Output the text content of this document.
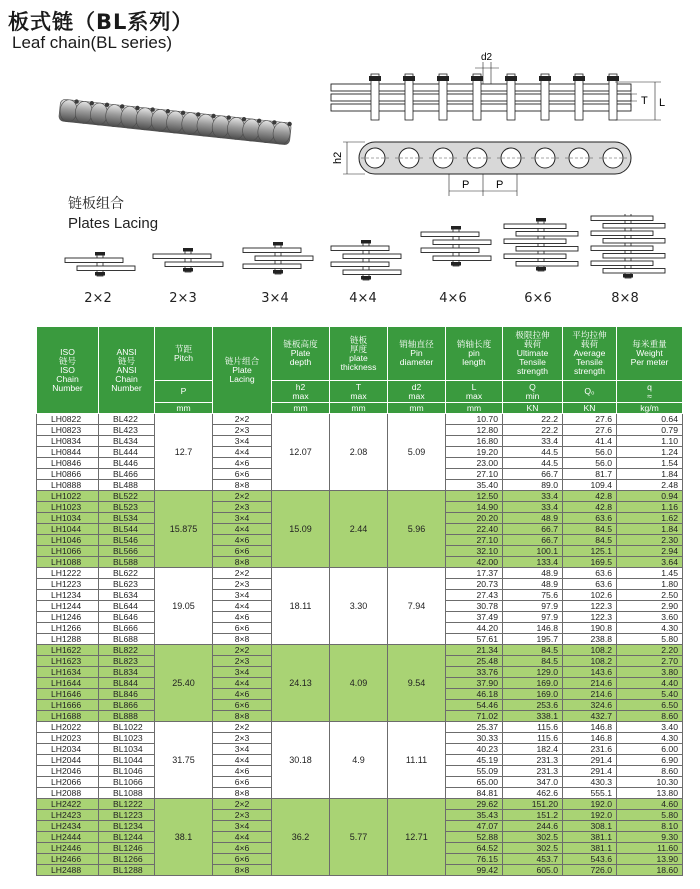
板式链（BL系列）
Leaf chain(BL series)
d2
T L
h2
P P
链板组合
Plates Lacing
2×2	2×3	3×4	4×4	4×6	6×6	8×8
ISO
链号
ISO
Chain
Number	ANSI
链号
ANSI
Chain
Number	节距
Pitch	链片组合
Plate
Lacing	链板高度
Plate
depth	链板
厚度
plate
thickness	销轴直径
Pin
diameter	销轴长度
pin
length	极限拉伸
载荷
Ultimate
Tensile
strength	平均拉伸
载荷
Average
Tensile
strength	每米重量
Weight
Per meter
		P		h2
max	T
max	d2
max	L
max	Q
min	Q₀	q
≈
		mm		mm	mm	mm	mm	KN	KN	kg/m
LH0822	BL422	12.7	2×2	12.07	2.08	5.09	10.70	22.2	27.6	0.64
LH0823	BL423		2×3				12.80	22.2	27.6	0.79
LH0834	BL434		3×4				16.80	33.4	41.4	1.10
LH0844	BL444		4×4				19.20	44.5	56.0	1.24
LH0846	BL446		4×6				23.00	44.5	56.0	1.54
LH0866	BL466		6×6				27.10	66.7	81.7	1.84
LH0888	BL488		8×8				35.40	89.0	109.4	2.48
LH1022	BL522	15.875	2×2	15.09	2.44	5.96	12.50	33.4	42.8	0.94
LH1023	BL523		2×3				14.90	33.4	42.8	1.16
LH1034	BL534		3×4				20.20	48.9	63.6	1.62
LH1044	BL544		4×4				22.40	66.7	84.5	1.84
LH1046	BL546		4×6				27.10	66.7	84.5	2.30
LH1066	BL566		6×6				32.10	100.1	125.1	2.94
LH1088	BL588		8×8				42.00	133.4	169.5	3.64
LH1222	BL622	19.05	2×2	18.11	3.30	7.94	17.37	48.9	63.6	1.45
LH1223	BL623		2×3				20.73	48.9	63.6	1.80
LH1234	BL634		3×4				27.43	75.6	102.6	2.50
LH1244	BL644		4×4				30.78	97.9	122.3	2.90
LH1246	BL646		4×6				37.49	97.9	122.3	3.60
LH1266	BL666		6×6				44.20	146.8	190.8	4.30
LH1288	BL688		8×8				57.61	195.7	238.8	5.80
LH1622	BL822	25.40	2×2	24.13	4.09	9.54	21.34	84.5	108.2	2.20
LH1623	BL823		2×3				25.48	84.5	108.2	2.70
LH1634	BL834		3×4				33.76	129.0	143.6	3.80
LH1644	BL844		4×4				37.90	169.0	214.6	4.40
LH1646	BL846		4×6				46.18	169.0	214.6	5.40
LH1666	BL866		6×6				54.46	253.6	324.6	6.50
LH1688	BL888		8×8				71.02	338.1	432.7	8.60
LH2022	BL1022	31.75	2×2	30.18	4.9	11.11	25.37	115.6	146.8	3.40
LH2023	BL1023		2×3				30.33	115.6	146.8	4.30
LH2034	BL1034		3×4				40.23	182.4	231.6	6.00
LH2044	BL1044		4×4				45.19	231.3	291.4	6.90
LH2046	BL1046		4×6				55.09	231.3	291.4	8.60
LH2066	BL1066		6×6				65.00	347.0	430.3	10.30
LH2088	BL1088		8×8				84.81	462.6	555.1	13.80
LH2422	BL1222	38.1	2×2	36.2	5.77	12.71	29.62	151.20	192.0	4.60
LH2423	BL1223		2×3				35.43	151.2	192.0	5.80
LH2434	BL1234		3×4				47.07	244.6	308.1	8.10
LH2444	BL1244		4×4				52.88	302.5	381.1	9.30
LH2446	BL1246		4×6				64.52	302.5	381.1	11.60
LH2466	BL1266		6×6				76.15	453.7	543.6	13.90
LH2488	BL1288		8×8				99.42	605.0	726.0	18.60
